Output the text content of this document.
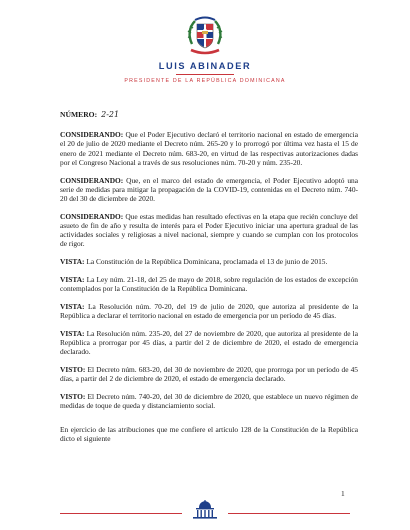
LUIS ABINADER
PRESIDENTE DE LA REPÚBLICA DOMINICANA

NÚMERO: 2-21

CONSIDERANDO: Que el Poder Ejecutivo declaró el territorio nacional en estado de emergencia el 20 de julio de 2020 mediante el Decreto núm. 265-20 y lo prorrogó por última vez hasta el 15 de enero de 2021 mediante el Decreto núm. 683-20, en virtud de las respectivas autorizaciones dadas por el Congreso Nacional a través de sus resoluciones núm. 70-20 y núm. 235-20.

CONSIDERANDO: Que, en el marco del estado de emergencia, el Poder Ejecutivo adoptó una serie de medidas para mitigar la propagación de la COVID-19, contenidas en el Decreto núm. 740-20 del 30 de diciembre de 2020.

CONSIDERANDO: Que estas medidas han resultado efectivas en la etapa que recién concluye del asueto de fin de año y resulta de interés para el Poder Ejecutivo iniciar una apertura gradual de las actividades sociales y religiosas a nivel nacional, siempre y cuando se cumplan con los protocolos de rigor.

VISTA: La Constitución de la República Dominicana, proclamada el 13 de junio de 2015.

VISTA: La Ley núm. 21-18, del 25 de mayo de 2018, sobre regulación de los estados de excepción contemplados por la Constitución de la República Dominicana.

VISTA: La Resolución núm. 70-20, del 19 de julio de 2020, que autoriza al presidente de la República a declarar el territorio nacional en estado de emergencia por un período de 45 días.

VISTA: La Resolución núm. 235-20, del 27 de noviembre de 2020, que autoriza al presidente de la República a prorrogar por 45 días, a partir del 2 de diciembre de 2020, el estado de emergencia declarado.

VISTO: El Decreto núm. 683-20, del 30 de noviembre de 2020, que prorroga por un período de 45 días, a partir del 2 de diciembre de 2020, el estado de emergencia declarado.

VISTO: El Decreto núm. 740-20, del 30 de diciembre de 2020, que establece un nuevo régimen de medidas de toque de queda y distanciamiento social.

En ejercicio de las atribuciones que me confiere el artículo 128 de la Constitución de la República dicto el siguiente

1
